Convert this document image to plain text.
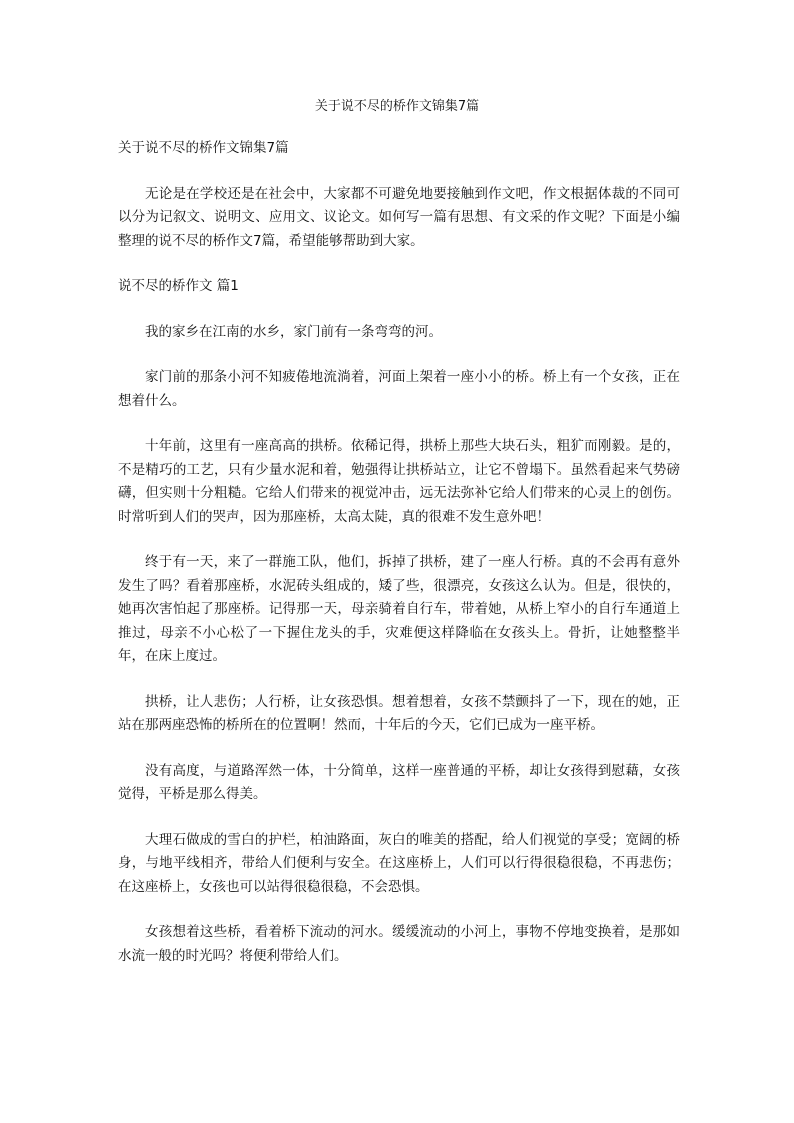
关于说不尽的桥作文锦集7篇

关于说不尽的桥作文锦集7篇

无论是在学校还是在社会中，大家都不可避免地要接触到作文吧，作文根据体裁的不同可以分为记叙文、说明文、应用文、议论文。如何写一篇有思想、有文采的作文呢？下面是小编整理的说不尽的桥作文7篇，希望能够帮助到大家。

说不尽的桥作文 篇1

我的家乡在江南的水乡，家门前有一条弯弯的河。

家门前的那条小河不知疲倦地流淌着，河面上架着一座小小的桥。桥上有一个女孩，正在想着什么。

十年前，这里有一座高高的拱桥。依稀记得，拱桥上那些大块石头，粗犷而刚毅。是的，不是精巧的工艺，只有少量水泥和着，勉强得让拱桥站立，让它不曾塌下。虽然看起来气势磅礴，但实则十分粗糙。它给人们带来的视觉冲击，远无法弥补它给人们带来的心灵上的创伤。时常听到人们的哭声，因为那座桥，太高太陡，真的很难不发生意外吧！

终于有一天，来了一群施工队，他们，拆掉了拱桥，建了一座人行桥。真的不会再有意外发生了吗？看着那座桥，水泥砖头组成的，矮了些，很漂亮，女孩这么认为。但是，很快的，她再次害怕起了那座桥。记得那一天，母亲骑着自行车，带着她，从桥上窄小的自行车通道上推过，母亲不小心松了一下握住龙头的手，灾难便这样降临在女孩头上。骨折，让她整整半年，在床上度过。

拱桥，让人悲伤；人行桥，让女孩恐惧。想着想着，女孩不禁颤抖了一下，现在的她，正站在那两座恐怖的桥所在的位置啊！然而，十年后的今天，它们已成为一座平桥。

没有高度，与道路浑然一体，十分简单，这样一座普通的平桥，却让女孩得到慰藉，女孩觉得，平桥是那么得美。

大理石做成的雪白的护栏，柏油路面，灰白的唯美的搭配，给人们视觉的享受；宽阔的桥身，与地平线相齐，带给人们便利与安全。在这座桥上，人们可以行得很稳很稳，不再悲伤；在这座桥上，女孩也可以站得很稳很稳，不会恐惧。

女孩想着这些桥，看着桥下流动的河水。缓缓流动的小河上，事物不停地变换着，是那如水流一般的时光吗？将便利带给人们。
